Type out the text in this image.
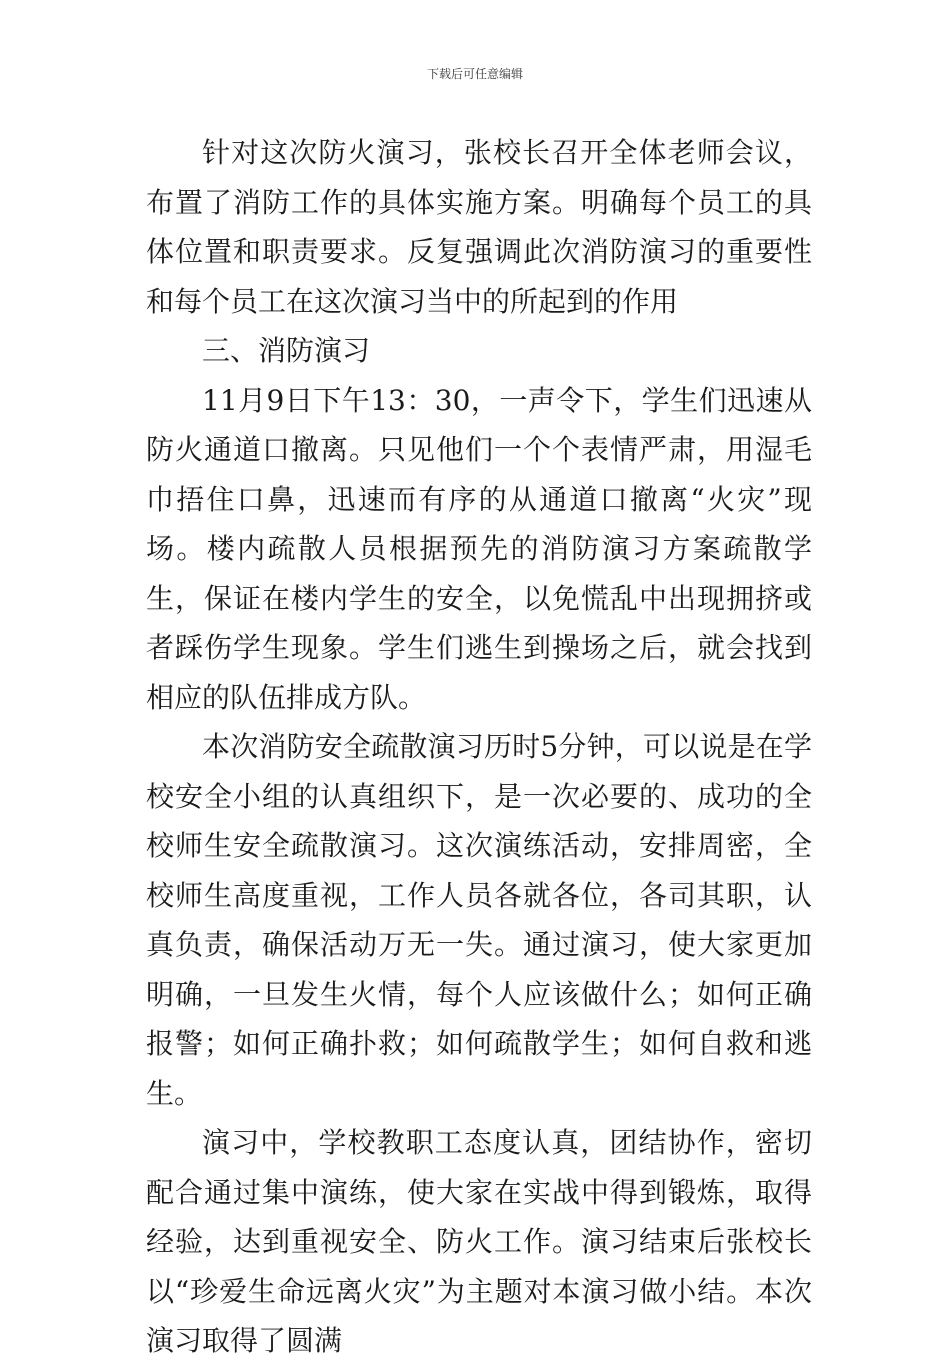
下载后可任意编辑

针对这次防火演习，张校长召开全体老师会议，布置了消防工作的具体实施方案。明确每个员工的具体位置和职责要求。反复强调此次消防演习的重要性和每个员工在这次演习当中的所起到的作用

三、消防演习

11月9日下午13：30，一声令下，学生们迅速从防火通道口撤离。只见他们一个个表情严肃，用湿毛巾捂住口鼻，迅速而有序的从通道口撤离“火灾”现场。楼内疏散人员根据预先的消防演习方案疏散学生，保证在楼内学生的安全，以免慌乱中出现拥挤或者踩伤学生现象。学生们逃生到操场之后，就会找到相应的队伍排成方队。

本次消防安全疏散演习历时5分钟，可以说是在学校安全小组的认真组织下，是一次必要的、成功的全校师生安全疏散演习。这次演练活动，安排周密，全校师生高度重视，工作人员各就各位，各司其职，认真负责，确保活动万无一失。通过演习，使大家更加明确，一旦发生火情，每个人应该做什么；如何正确报警；如何正确扑救；如何疏散学生；如何自救和逃生。

演习中，学校教职工态度认真，团结协作，密切配合通过集中演练，使大家在实战中得到锻炼，取得经验，达到重视安全、防火工作。演习结束后张校长以“珍爱生命远离火灾”为主题对本演习做小结。本次演习取得了圆满
